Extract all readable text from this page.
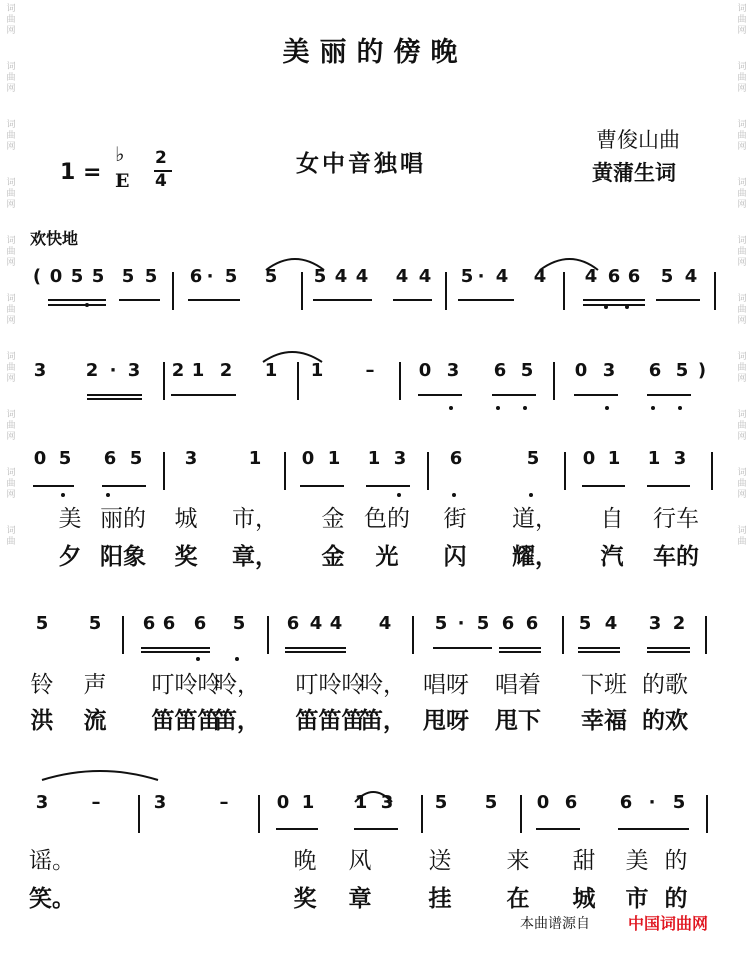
词
曲
网
词
曲
网
词
曲
网
词
曲
网
词
曲
网
词
曲
网
词
曲
网
词
曲
网
词
曲
网
词
曲
词
曲
网
词
曲
网
词
曲
网
词
曲
网
词
曲
网
词
曲
网
词
曲
网
词
曲
网
词
曲
网
词
曲
美丽的傍晚
1 =
♭
E
2
4
女中音独唱
曹俊山曲
黄蒲生词
欢快地
( 0 5 5 5 5 6 · 5 5 5 4 4 4 4 5 · 4 4 4 6 6 5 4
3 2 · 3 2 1 2 1 1 – 0 3 6 5 0 3 6 5 )
0 5 6 5 3	1 0 1 1 3 6	5 0 1 1 3
美 丽的 城 市， 金 色的 街 道， 自 行车
夕 阳象 奖 章， 金 光 闪 耀， 汽 车的
5 5 6 6 6 5 6 4 4 4 5 · 5 6 6 5 4 3 2
铃 声 叮呤呤
呤， 叮呤呤
呤， 唱呀 唱着 下班 的歌
洪 流 笛笛笛
笛， 笛笛笛
笛， 甩呀 甩下 幸福 的欢
3 –	3	–	0 1 1 3 5 5 0 6 6 · 5
谣。	晚 风 送 来 甜 美 的
笑。	奖 章 挂 在 城 市 的
本曲谱源自 中国词曲网
